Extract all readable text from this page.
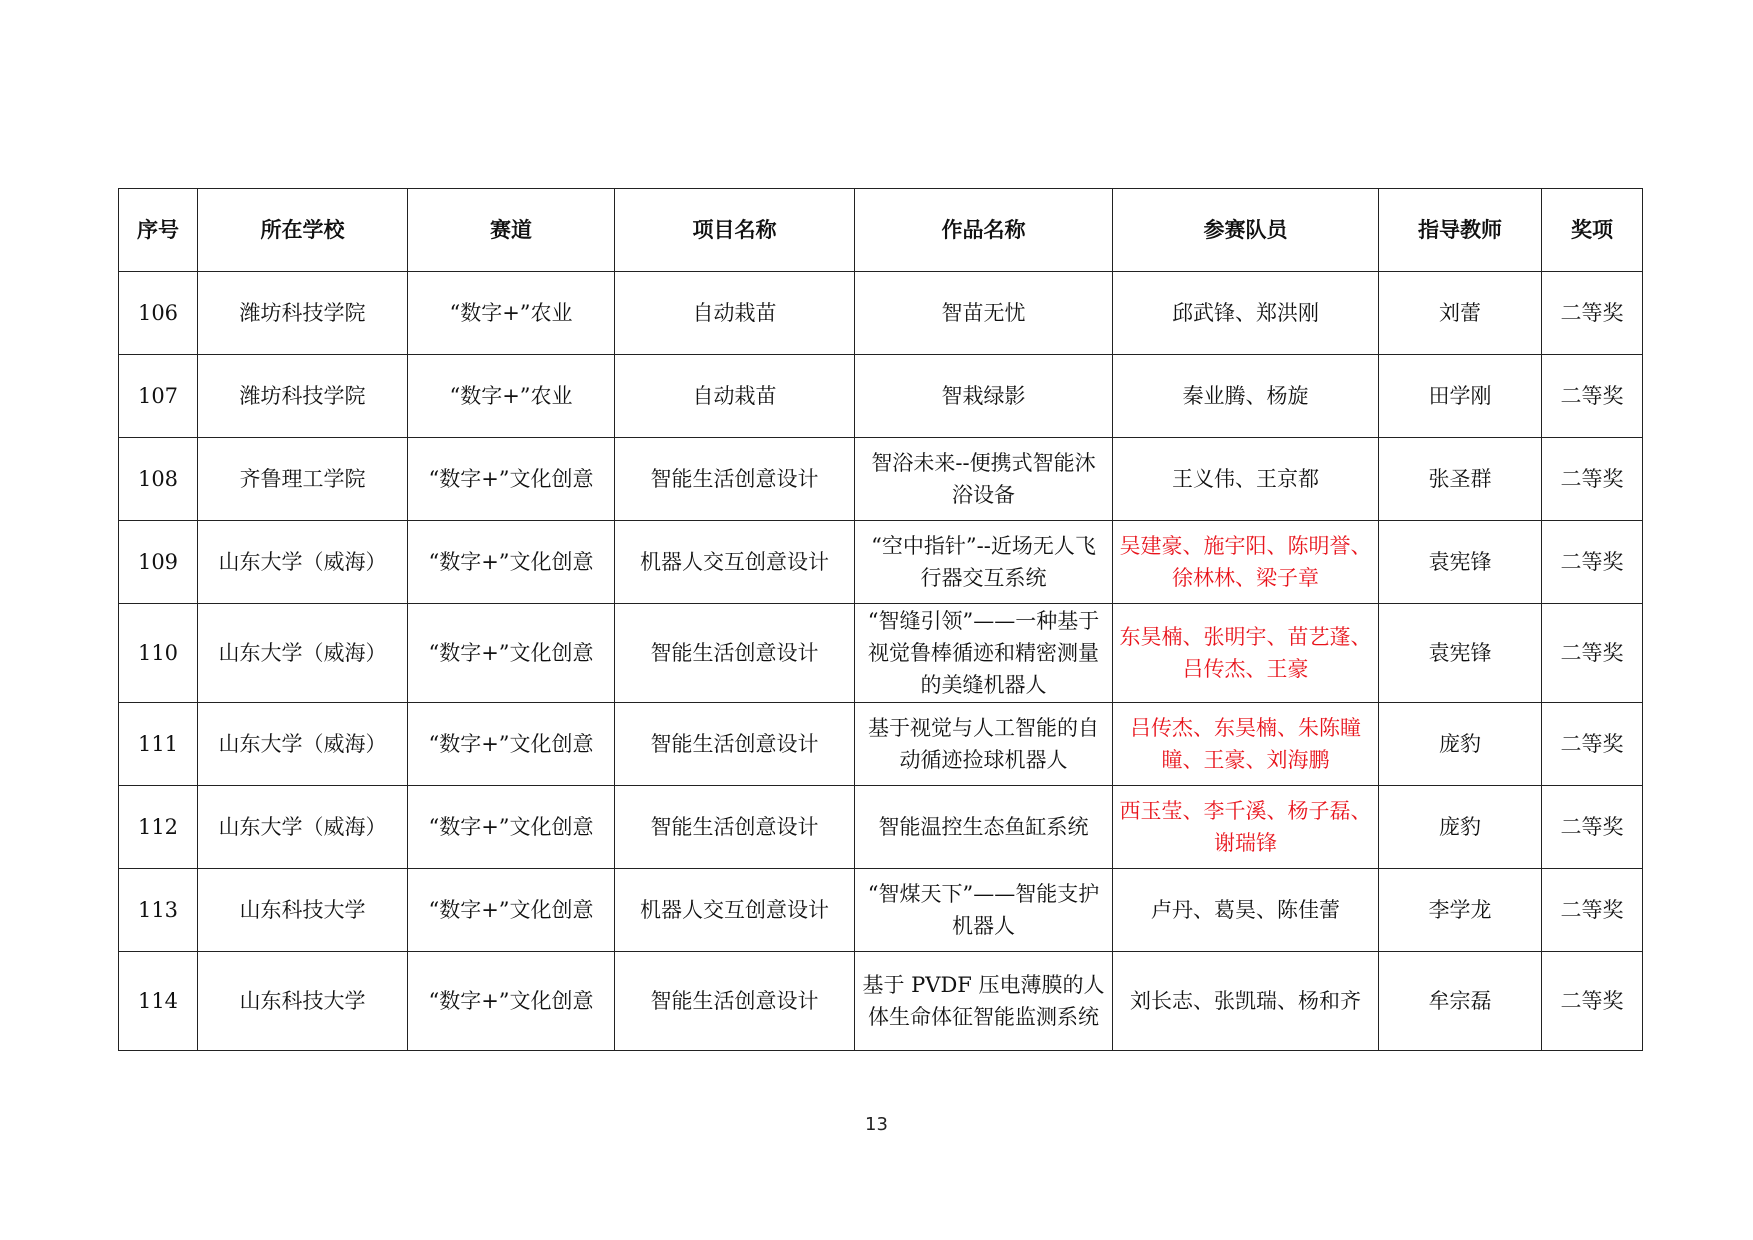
序号	所在学校	赛道	项目名称	作品名称	参赛队员	指导教师	奖项
106	潍坊科技学院	“数字+”农业	自动栽苗	智苗无忧	邱武锋、郑洪刚	刘蕾	二等奖
107	潍坊科技学院	“数字+”农业	自动栽苗	智栽绿影	秦业腾、杨旋	田学刚	二等奖
108	齐鲁理工学院	“数字+”文化创意	智能生活创意设计	智浴未来--便携式智能沐浴设备	王义伟、王京都	张圣群	二等奖
109	山东大学（威海）	“数字+”文化创意	机器人交互创意设计	“空中指针”--近场无人飞行器交互系统	吴建豪、施宇阳、陈明誉、徐林林、梁子章	袁宪锋	二等奖
110	山东大学（威海）	“数字+”文化创意	智能生活创意设计	“智缝引领”——一种基于视觉鲁棒循迹和精密测量的美缝机器人	东昊楠、张明宇、苗艺蓬、吕传杰、王豪	袁宪锋	二等奖
111	山东大学（威海）	“数字+”文化创意	智能生活创意设计	基于视觉与人工智能的自动循迹捡球机器人	吕传杰、东昊楠、朱陈瞳瞳、王豪、刘海鹏	庞豹	二等奖
112	山东大学（威海）	“数字+”文化创意	智能生活创意设计	智能温控生态鱼缸系统	西玉莹、李千溪、杨子磊、谢瑞锋	庞豹	二等奖
113	山东科技大学	“数字+”文化创意	机器人交互创意设计	“智煤天下”——智能支护机器人	卢丹、葛昊、陈佳蕾	李学龙	二等奖
114	山东科技大学	“数字+”文化创意	智能生活创意设计	基于 PVDF 压电薄膜的人体生命体征智能监测系统	刘长志、张凯瑞、杨和齐	牟宗磊	二等奖
13
